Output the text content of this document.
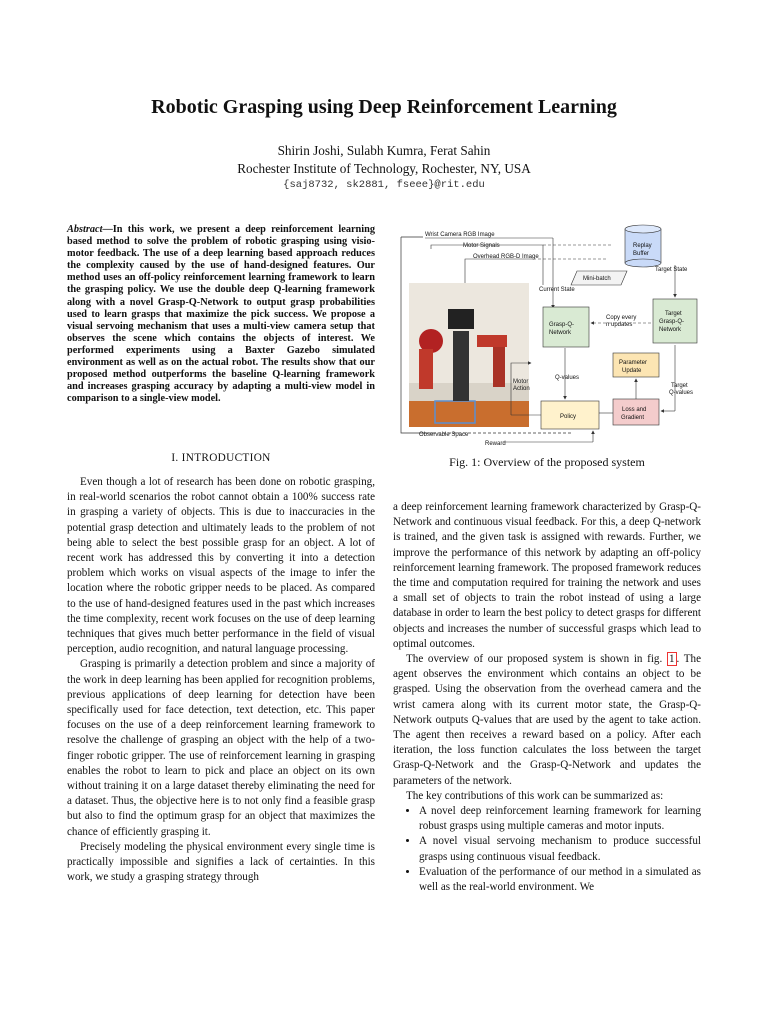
Robotic Grasping using Deep Reinforcement Learning
Shirin Joshi, Sulabh Kumra, Ferat Sahin
Rochester Institute of Technology, Rochester, NY, USA
{saj8732, sk2881, fseee}@rit.edu
Abstract—In this work, we present a deep reinforcement learning based method to solve the problem of robotic grasping using visio-motor feedback. The use of a deep learning based approach reduces the complexity caused by the use of hand-designed features. Our method uses an off-policy reinforcement learning framework to learn the grasping policy. We use the double deep Q-learning framework along with a novel Grasp-Q-Network to output grasp probabilities used to learn grasps that maximize the pick success. We propose a visual servoing mechanism that uses a multi-view camera setup that observes the scene which contains the objects of interest. We performed experiments using a Baxter Gazebo simulated environment as well as on the actual robot. The results show that our proposed method outperforms the baseline Q-learning framework and increases grasping accuracy by adapting a multi-view model in comparison to a single-view model.
I. INTRODUCTION

Even though a lot of research has been done on robotic grasping, in real-world scenarios the robot cannot obtain a 100% success rate in grasping a variety of objects. This is due to inaccuracies in the potential grasp detection and ultimately leads to the problem of not being able to select the best possible grasp for an object. A lot of recent work has addressed this by converting it into a detection problem which works on visual aspects of the image to infer the location where the robotic gripper needs to be placed. As compared to the use of hand-designed features used in the past which increases the time complexity, recent work focuses on the use of deep learning techniques that gives much better performance in the field of visual perception, audio recognition, and natural language processing.

Grasping is primarily a detection problem and since a majority of the work in deep learning has been applied for recognition problems, previous applications of deep learning for detection have been specifically used for face detection, text detection, etc. This paper focuses on the use of a deep reinforcement learning framework to resolve the challenge of grasping an object with the help of a two-finger robotic gripper. The use of reinforcement learning in grasping enables the robot to learn to pick and place an object on its own without training it on a large dataset thereby eliminating the need for a dataset. Thus, the objective here is to not only find a feasible grasp but also to find the optimum grasp for an object that maximizes the chance of efficiently grasping it.

Precisely modeling the physical environment every single time is practically impossible and signifies a lack of certainties. In this work, we study a grasping strategy through

Wrist Camera RGB Image
Motor Signals
Overhead RGB-D Image
Replay
Buffer
Mini-batch
Target State
Current State
Grasp-Q-
Network
Copy every
n updates
Target
Grasp-Q-
Network
Parameter
Update
Q-values
Motor
Action	Target
Q-values
Policy
Loss and
Gradient
Observable Space
Reward
Fig. 1: Overview of the proposed system

a deep reinforcement learning framework characterized by Grasp-Q-Network and continuous visual feedback. For this, a deep Q-network is trained, and the given task is assigned with rewards. Further, we improve the performance of this network by adapting an off-policy reinforcement learning framework. The proposed framework reduces the time and computation required for training the network and uses a small set of objects to train the robot instead of using a large database in order to learn the best policy to detect grasps for different objects and increases the number of successful grasps which lead to optimal outcomes.

The overview of our proposed system is shown in fig. 1 . The agent observes the environment which contains an object to be grasped. Using the observation from the overhead camera and the wrist camera along with its current motor state, the Grasp-Q-Network outputs Q-values that are used by the agent to take action. The agent then receives a reward based on a policy. After each iteration, the loss function calculates the loss between the target Grasp-Q-Network and the Grasp-Q-Network and updates the parameters of the network.

The key contributions of this work can be summarized as:

• A novel deep reinforcement learning framework for learning robust grasps using multiple cameras and motor inputs.
• A novel visual servoing mechanism to produce successful grasps using continuous visual feedback.
• Evaluation of the performance of our method in a simulated as well as the real-world environment. We
